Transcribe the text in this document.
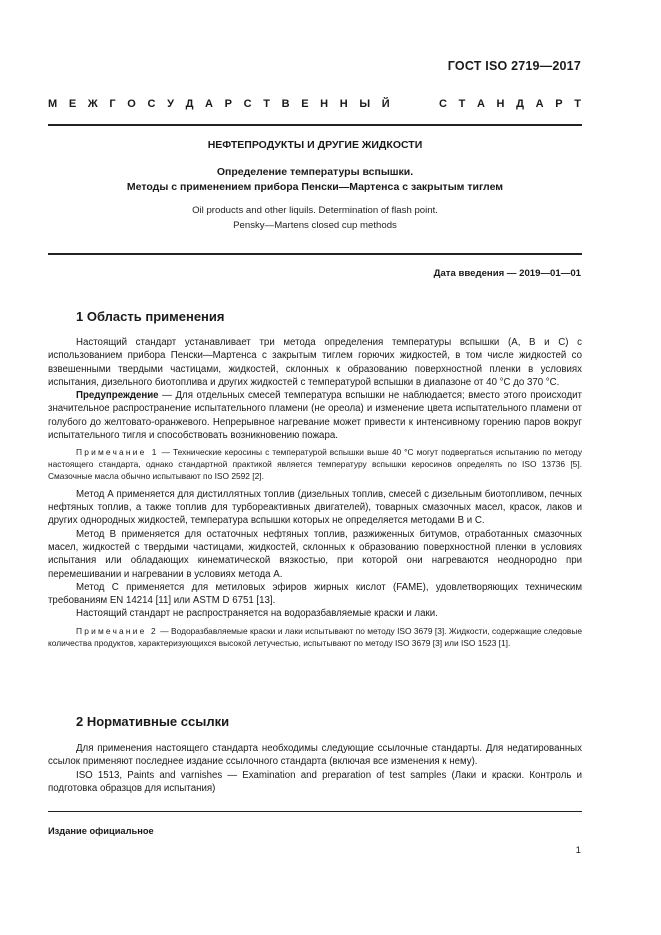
ГОСТ ISO 2719—2017
М Е Ж Г О С У Д А Р С Т В Е Н Н Ы Й	С Т А Н Д А Р Т
НЕФТЕПРОДУКТЫ И ДРУГИЕ ЖИДКОСТИ
Определение температуры вспышки.
Методы с применением прибора Пенски—Мартенса с закрытым тиглем
Oil products and other liquils. Determination of flash point.
Pensky—Martens closed cup methods
Дата введения — 2019—01—01
1 Область применения

Настоящий стандарт устанавливает три метода определения температуры вспышки (А, В и С) с использованием прибора Пенски—Мартенса с закрытым тиглем горючих жидкостей, в том числе жидкостей со взвешенными твердыми частицами, жидкостей, склонных к образованию поверхностной пленки в условиях испытания, дизельного биотоплива и других жидкостей с температурой вспышки в диапазоне от 40 °С до 370 °С.

Предупреждение — Для отдельных смесей температура вспышки не наблюдается; вместо этого происходит значительное распространение испытательного пламени (не ореола) и изменение цвета испытательного пламени от голубого до желтовато-оранжевого. Непрерывное нагревание может привести к интенсивному горению паров вокруг испытательного тигля и способствовать возникновению пожара.

Примечание 1 — Технические керосины с температурой вспышки выше 40 °С могут подвергаться испытанию по методу настоящего стандарта, однако стандартной практикой является температуру вспышки керосинов определять по ISO 13736 [5]. Смазочные масла обычно испытывают по ISO 2592 [2].

Метод А применяется для дистиллятных топлив (дизельных топлив, смесей с дизельным биотопливом, печных нефтяных топлив, а также топлив для турбореактивных двигателей), товарных смазочных масел, красок, лаков и других однородных жидкостей, температура вспышки которых не определяется методами В и С.

Метод В применяется для остаточных нефтяных топлив, разжиженных битумов, отработанных смазочных масел, жидкостей с твердыми частицами, жидкостей, склонных к образованию поверхностной пленки в условиях испытания или обладающих кинематической вязкостью, при которой они нагреваются неоднородно при перемешивании и нагревании в условиях метода А.

Метод С применяется для метиловых эфиров жирных кислот (FAME), удовлетворяющих техническим требованиям EN 14214 [11] или ASTM D 6751 [13].

Настоящий стандарт не распространяется на водоразбавляемые краски и лаки.

Примечание 2 — Водоразбавляемые краски и лаки испытывают по методу ISO 3679 [3]. Жидкости, содержащие следовые количества продуктов, характеризующихся высокой летучестью, испытывают по методу ISO 3679 [3] или ISO 1523 [1].

2 Нормативные ссылки

Для применения настоящего стандарта необходимы следующие ссылочные стандарты. Для недатированных ссылок применяют последнее издание ссылочного стандарта (включая все изменения к нему).

ISO 1513, Paints and varnishes — Examination and preparation of test samples (Лаки и краски. Контроль и подготовка образцов для испытания)

Издание официальное
1
